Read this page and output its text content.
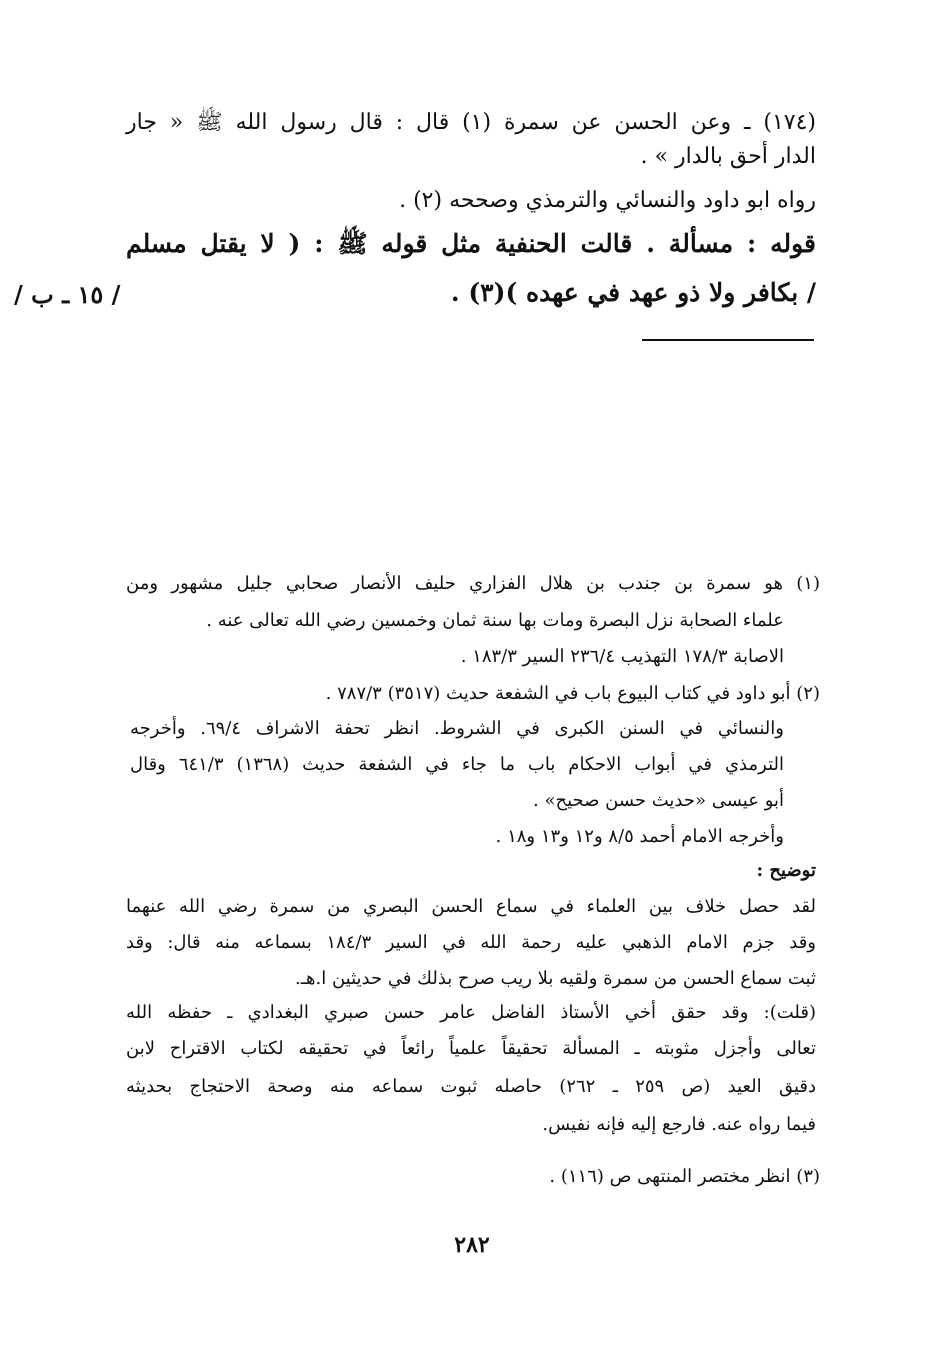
(١٧٤) ـ وعن الحسن عن سمرة (١) قال : قال رسول الله ﷺ « جار
الدار أحق بالدار » .
رواه ابو داود والنسائي والترمذي وصححه (٢) .
قوله : مسألة . قالت الحنفية مثل قوله ﷺ : ( لا يقتل مسلم
/ بكافر ولا ذو عهد في عهده )(٣) .
/ ١٥ ـ ب /
(١) هو سمرة بن جندب بن هلال الفزاري حليف الأنصار صحابي جليل مشهور ومن
علماء الصحابة نزل البصرة ومات بها سنة ثمان وخمسين رضي الله تعالى عنه .
الاصابة ١٧٨/٣ التهذيب ٢٣٦/٤ السير ١٨٣/٣ .
(٢) أبو داود في كتاب البيوع باب في الشفعة حديث (٣٥١٧) ٧٨٧/٣ .
والنسائي في السنن الكبرى في الشروط. انظر تحفة الاشراف ٦٩/٤. وأخرجه
الترمذي في أبواب الاحكام باب ما جاء في الشفعة حديث (١٣٦٨) ٦٤١/٣ وقال
أبو عيسى «حديث حسن صحيح» .
وأخرجه الامام أحمد ٨/٥ و١٢ و١٣ و١٨ .
توضيح :
لقد حصل خلاف بين العلماء في سماع الحسن البصري من سمرة رضي الله عنهما
وقد جزم الامام الذهبي عليه رحمة الله في السير ١٨٤/٣ بسماعه منه قال: وقد
ثبت سماع الحسن من سمرة ولقيه بلا ريب صرح بذلك في حديثين ا.هـ.
(قلت): وقد حقق أخي الأستاذ الفاضل عامر حسن صبري البغدادي ـ حفظه الله
تعالى وأجزل مثوبته ـ المسألة تحقيقاً علمياً رائعاً في تحقيقه لكتاب الاقتراح لابن
دقيق العيد (ص ٢٥٩ ـ ٢٦٢) حاصله ثبوت سماعه منه وصحة الاحتجاج بحديثه
فيما رواه عنه. فارجع إليه فإنه نفيس.
(٣) انظر مختصر المنتهى ص (١١٦) .
٢٨٢
